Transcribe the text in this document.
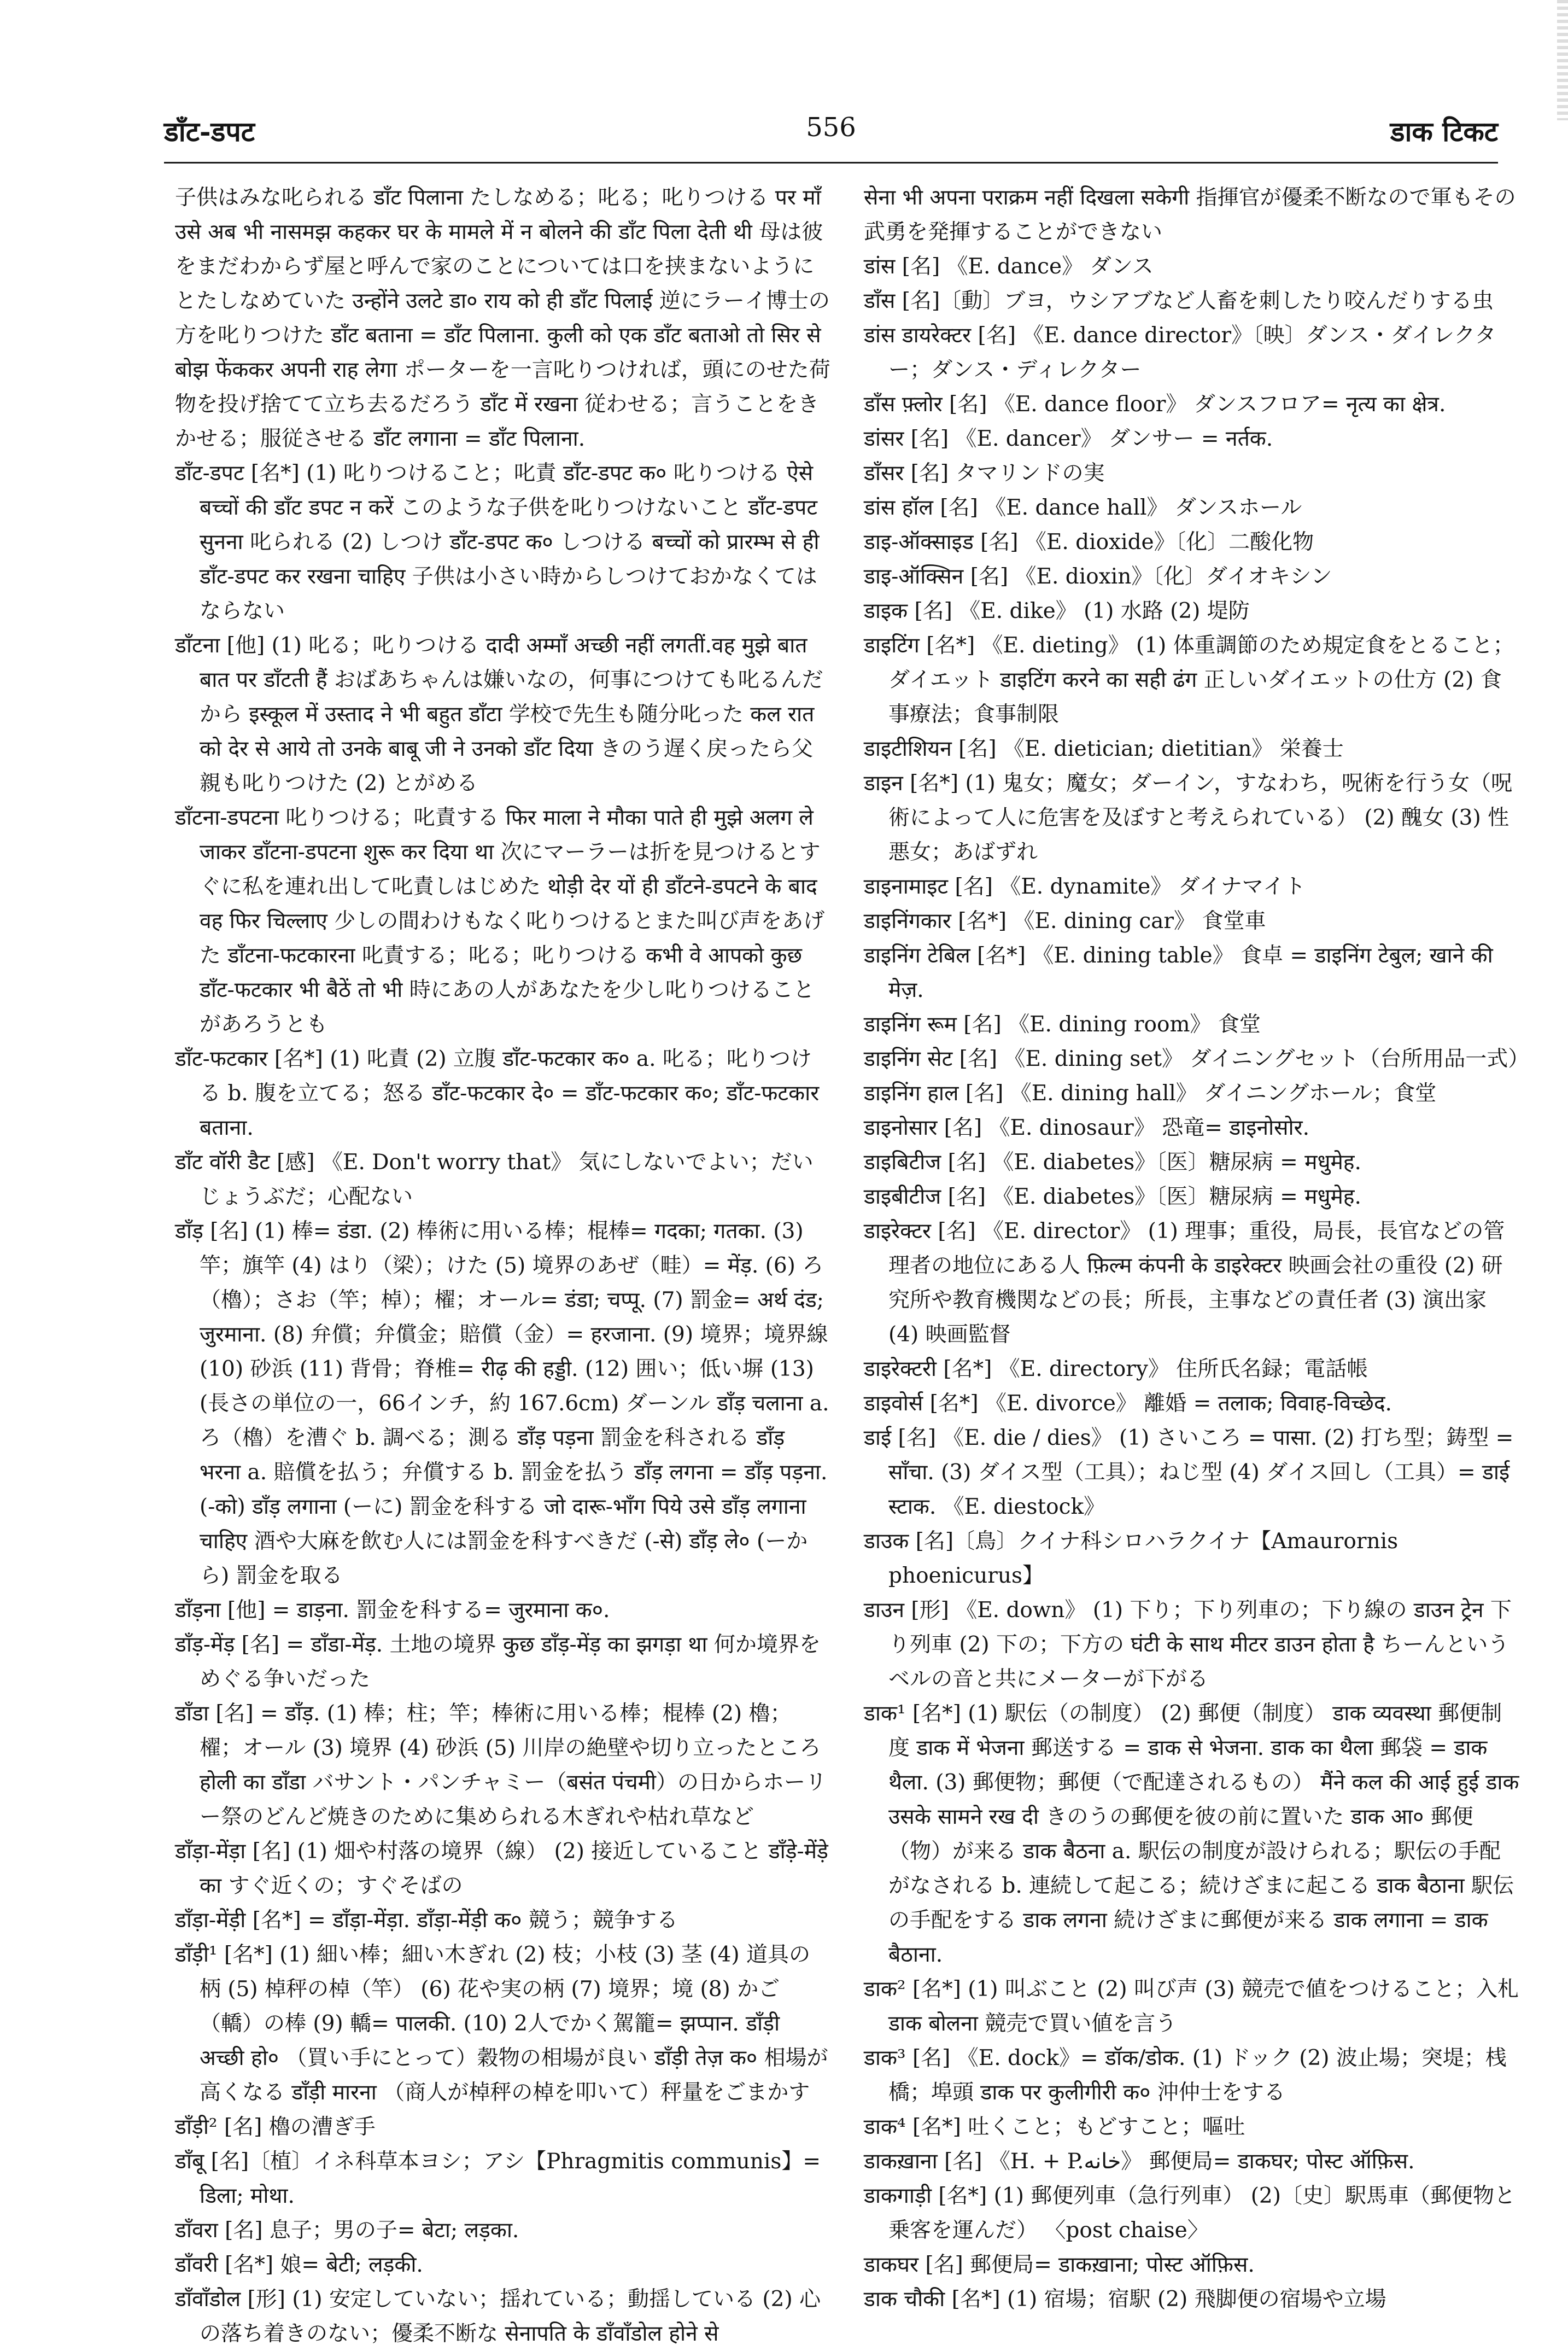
डाँट-डपट	556	डाक टिकट

子供はみな叱られる डाँट पिलाना たしなめる；叱る；叱りつける पर माँ उसे अब भी नासमझ कहकर घर के मामले में न बोलने की डाँट पिला देती थी 母は彼をまだわからず屋と呼んで家のことについては口を挟まないようにとたしなめていた उन्होंने उलटे डा० राय को ही डाँट पिलाई 逆にラーイ博士の方を叱りつけた डाँट बताना = डाँट पिलाना. कुली को एक डाँट बताओ तो सिर से बोझ फेंककर अपनी राह लेगा ポーターを一言叱りつければ，頭にのせた荷物を投げ捨てて立ち去るだろう डाँट में रखना 従わせる；言うことをきかせる；服従させる डाँट लगाना = डाँट पिलाना.

डाँट-डपट [名*] (1) 叱りつけること；叱責 डाँट-डपट क० 叱りつける ऐसे बच्चों की डाँट डपट न करें このような子供を叱りつけないこと डाँट-डपट सुनना 叱られる (2) しつけ डाँट-डपट क० しつける बच्चों को प्रारम्भ से ही डाँट-डपट कर रखना चाहिए 子供は小さい時からしつけておかなくてはならない

डाँटना [他] (1) 叱る；叱りつける दादी अम्माँ अच्छी नहीं लगतीं.वह मुझे बात बात पर डाँटती हैं おばあちゃんは嫌いなの，何事につけても叱るんだから इस्कूल में उस्ताद ने भी बहुत डाँटा 学校で先生も随分叱った कल रात को देर से आये तो उनके बाबू जी ने उनको डाँट दिया きのう遅く戻ったら父親も叱りつけた (2) とがめる

डाँटना-डपटना 叱りつける；叱責する फिर माला ने मौका पाते ही मुझे अलग ले जाकर डाँटना-डपटना शुरू कर दिया था 次にマーラーは折を見つけるとすぐに私を連れ出して叱責しはじめた थोड़ी देर यों ही डाँटने-डपटने के बाद वह फिर चिल्लाए 少しの間わけもなく叱りつけるとまた叫び声をあげた डाँटना-फटकारना 叱責する；叱る；叱りつける कभी वे आपको कुछ डाँट-फटकार भी बैठें तो भी 時にあの人があなたを少し叱りつけることがあろうとも

डाँट-फटकार [名*] (1) 叱責 (2) 立腹 डाँट-फटकार क० a. 叱る；叱りつける b. 腹を立てる；怒る डाँट-फटकार दे० = डाँट-फटकार क०; डाँट-फटकार बताना.

डाँट वॉरी डैट [感] 《E. Don't worry that》 気にしないでよい；だいじょうぶだ；心配ない

डाँड़ [名] (1) 棒= डंडा. (2) 棒術に用いる棒；棍棒= गदका; गतका. (3) 竿；旗竿 (4) はり（梁）；けた (5) 境界のあぜ（畦）= मेंड़. (6) ろ（櫓）；さお（竿；棹）；櫂；オール= डंडा; चप्पू. (7) 罰金= अर्थ दंड; जुरमाना. (8) 弁償；弁償金；賠償（金）= हरजाना. (9) 境界；境界線 (10) 砂浜 (11) 背骨；脊椎= रीढ़ की हड्डी. (12) 囲い；低い塀 (13) (長さの単位の一，66インチ，約 167.6cm) ダーンル डाँड़ चलाना a. ろ（櫓）を漕ぐ b. 調べる；測る डाँड़ पड़ना 罰金を科される डाँड़ भरना a. 賠償を払う；弁償する b. 罰金を払う डाँड़ लगना = डाँड़ पड़ना. (-को) डाँड़ लगाना (ーに) 罰金を科する जो दारू-भाँग पिये उसे डाँड़ लगाना चाहिए 酒や大麻を飲む人には罰金を科すべきだ (-से) डाँड़ ले० (ーから) 罰金を取る

डाँड़ना [他] = डाड़ना. 罰金を科する= जुरमाना क०.

डाँड़-मेंड़ [名] = डाँडा-मेंड़. 土地の境界 कुछ डाँड़-मेंड़ का झगड़ा था 何か境界をめぐる争いだった

डाँडा [名] = डाँड़. (1) 棒；柱；竿；棒術に用いる棒；棍棒 (2) 櫓；櫂；オール (3) 境界 (4) 砂浜 (5) 川岸の絶壁や切り立ったところ होली का डाँडा バサント・パンチャミー（बसंत पंचमी）の日からホーリー祭のどんど焼きのために集められる木ぎれや枯れ草など

डाँड़ा-मेंड़ा [名] (1) 畑や村落の境界（線） (2) 接近していること डाँड़े-मेंड़े का すぐ近くの；すぐそばの

डाँड़ा-मेंड़ी [名*] = डाँड़ा-मेंड़ा. डाँड़ा-मेंड़ी क० 競う；競争する

डाँड़ी¹ [名*] (1) 細い棒；細い木ぎれ (2) 枝；小枝 (3) 茎 (4) 道具の柄 (5) 棹秤の棹（竿） (6) 花や実の柄 (7) 境界；境 (8) かご（轎）の棒 (9) 轎= पालकी. (10) 2人でかく駕籠= झप्पान. डाँड़ी अच्छी हो० （買い手にとって）穀物の相場が良い डाँड़ी तेज़ क० 相場が高くなる डाँड़ी मारना （商人が棹秤の棹を叩いて）秤量をごまかす

डाँड़ी² [名] 櫓の漕ぎ手

डाँबू [名]〔植〕イネ科草本ヨシ；アシ【Phragmitis communis】= डिला; मोथा.

डाँवरा [名] 息子；男の子= बेटा; लड़का.

डाँवरी [名*] 娘= बेटी; लड़की.

डाँवाँडोल [形] (1) 安定していない；揺れている；動揺している (2) 心の落ち着きのない；優柔不断な सेनापति के डाँवाँडोल होने से

सेना भी अपना पराक्रम नहीं दिखला सकेगी 指揮官が優柔不断なので軍もその武勇を発揮することができない

डांस [名] 《E. dance》 ダンス

डाँस [名]〔動〕ブヨ，ウシアブなど人畜を刺したり咬んだりする虫

डांस डायरेक्टर [名] 《E. dance director》〔映〕ダンス・ダイレクター；ダンス・ディレクター

डाँस फ़्लोर [名] 《E. dance floor》 ダンスフロア= नृत्य का क्षेत्र.

डांसर [名] 《E. dancer》 ダンサー = नर्तक.

डाँसर [名] タマリンドの実

डांस हॉल [名] 《E. dance hall》 ダンスホール

डाइ-ऑक्साइड [名] 《E. dioxide》〔化〕二酸化物

डाइ-ऑक्सिन [名] 《E. dioxin》〔化〕ダイオキシン

डाइक [名] 《E. dike》 (1) 水路 (2) 堤防

डाइटिंग [名*] 《E. dieting》 (1) 体重調節のため規定食をとること；ダイエット डाइटिंग करने का सही ढंग 正しいダイエットの仕方 (2) 食事療法；食事制限

डाइटीशियन [名] 《E. dietician; dietitian》 栄養士

डाइन [名*] (1) 鬼女；魔女；ダーイン，すなわち，呪術を行う女（呪術によって人に危害を及ぼすと考えられている） (2) 醜女 (3) 性悪女；あばずれ

डाइनामाइट [名] 《E. dynamite》 ダイナマイト

डाइनिंगकार [名*] 《E. dining car》 食堂車

डाइनिंग टेबिल [名*] 《E. dining table》 食卓 = डाइनिंग टेबुल; खाने की मेज़.

डाइनिंग रूम [名] 《E. dining room》 食堂

डाइनिंग सेट [名] 《E. dining set》 ダイニングセット（台所用品一式）

डाइनिंग हाल [名] 《E. dining hall》 ダイニングホール；食堂

डाइनोसार [名] 《E. dinosaur》 恐竜= डाइनोसोर.

डाइबिटीज [名] 《E. diabetes》〔医〕糖尿病 = मधुमेह.

डाइबीटीज [名] 《E. diabetes》〔医〕糖尿病 = मधुमेह.

डाइरेक्टर [名] 《E. director》 (1) 理事；重役，局長，長官などの管理者の地位にある人 फ़िल्म कंपनी के डाइरेक्टर 映画会社の重役 (2) 研究所や教育機関などの長；所長，主事などの責任者 (3) 演出家 (4) 映画監督

डाइरेक्टरी [名*] 《E. directory》 住所氏名録；電話帳

डाइवोर्स [名*] 《E. divorce》 離婚 = तलाक; विवाह-विच्छेद.

डाई [名] 《E. die / dies》 (1) さいころ = पासा. (2) 打ち型；鋳型 = साँचा. (3) ダイス型（工具）；ねじ型 (4) ダイス回し（工具）= डाई स्टाक. 《E. diestock》

डाउक [名]〔鳥〕クイナ科シロハラクイナ【Amaurornis phoenicurus】

डाउन [形] 《E. down》 (1) 下り；下り列車の；下り線の डाउन ट्रेन 下り列車 (2) 下の；下方の घंटी के साथ मीटर डाउन होता है ちーんというベルの音と共にメーターが下がる

डाक¹ [名*] (1) 駅伝（の制度） (2) 郵便（制度） डाक व्यवस्था 郵便制度 डाक में भेजना 郵送する = डाक से भेजना. डाक का थैला 郵袋 = डाक थैला. (3) 郵便物；郵便（で配達されるもの） मैंने कल की आई हुई डाक उसके सामने रख दी きのうの郵便を彼の前に置いた डाक आ० 郵便（物）が来る डाक बैठना a. 駅伝の制度が設けられる；駅伝の手配がなされる b. 連続して起こる；続けざまに起こる डाक बैठाना 駅伝の手配をする डाक लगना 続けざまに郵便が来る डाक लगाना = डाक बैठाना.

डाक² [名*] (1) 叫ぶこと (2) 叫び声 (3) 競売で値をつけること；入札 डाक बोलना 競売で買い値を言う

डाक³ [名] 《E. dock》= डॉक/डोक. (1) ドック (2) 波止場；突堤；桟橋；埠頭 डाक पर कुलीगीरी क० 沖仲士をする

डाक⁴ [名*] 吐くこと；もどすこと；嘔吐

डाकख़ाना [名] 《H. + P.خانه》 郵便局= डाकघर; पोस्ट ऑफ़िस.

डाकगाड़ी [名*] (1) 郵便列車（急行列車） (2)〔史〕駅馬車（郵便物と乗客を運んだ） 〈post chaise〉

डाकघर [名] 郵便局= डाकख़ाना; पोस्ट ऑफ़िस.

डाक चौकी [名*] (1) 宿場；宿駅 (2) 飛脚便の宿場や立場
